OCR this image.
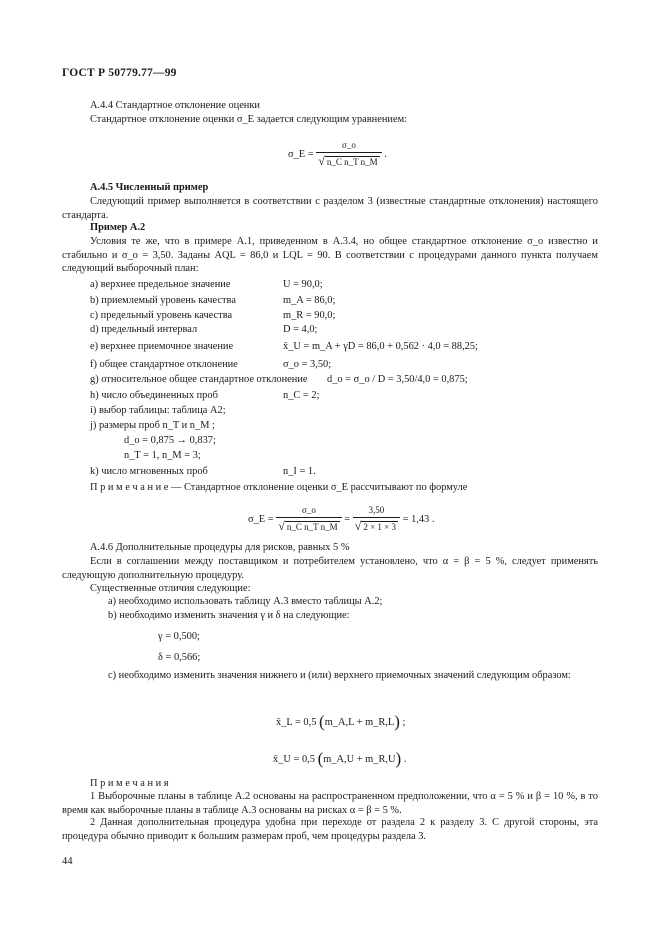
ГОСТ Р 50779.77—99
А.4.4 Стандартное отклонение оценки
Стандартное отклонение оценки σ_E задается следующим уравнением:
σ_E = $\frac{\sigma\_o}{\text{√ n\_C n\_T n\_M}}$ .
А.4.5 Численный пример
Следующий пример выполняется в соответствии с разделом 3 (известные стандартные отклонения) настоящего стандарта.
Пример А.2
Условия те же, что в примере А.1, приведенном в А.3.4, но общее стандартное отклонение σ_o известно и стабильно и σ_o = 3,50. Заданы AQL = 86,0 и LQL = 90. В соответствии с процедурами данного пункта получаем следующий выборочный план:
а) верхнее предельное значение	U = 90,0;
b) приемлемый уровень качества	m_A = 86,0;
с) предельный уровень качества	m_R = 90,0;
d) предельный интервал	D = 4,0;
е) верхнее приемочное значение	x̄_U = m_A + γD = 86,0 + 0,562 · 4,0 = 88,25;
f) общее стандартное отклонение	σ_o = 3,50;
g) относительное общее стандартное отклонение d_o = σ_o / D = 3,50/4,0 = 0,875;
h) число объединенных проб	n_C = 2;
i) выбор таблицы: таблица А2;
j) размеры проб n_T и n_M ;
d_o = 0,875 → 0,837;
n_T = 1, n_M = 3;
k) число мгновенных проб	n_I = 1.
П р и м е ч а н и е — Стандартное отклонение оценки σ_E рассчитывают по формуле
σ_E = $\frac{\sigma\_o}{\text{√ n\_C n\_T n\_M}} = \frac{3,50}{√ 2 \times 1 \times 3} = 1,43$ .
А.4.6 Дополнительные процедуры для рисков, равных 5 %
Если в соглашении между поставщиком и потребителем установлено, что α = β = 5 %, следует применять следующую дополнительную процедуру.
Существенные отличия следующие:
а) необходимо использовать таблицу А.3 вместо таблицы А.2;
b) необходимо изменить значения γ и δ на следующие:
γ = 0,500;
δ = 0,566;
с) необходимо изменить значения нижнего и (или) верхнего приемочных значений следующим образом:
x̄_L = 0,5 (m_A,L + m_R,L) ;
x̄_U = 0,5 (m_A,U + m_R,U) .
П р и м е ч а н и я
1 Выборочные планы в таблице А.2 основаны на распространенном предположении, что α = 5 % и β = 10 %, в то время как выборочные планы в таблице А.3 основаны на рисках α = β = 5 %.
2 Данная дополнительная процедура удобна при переходе от раздела 2 к разделу 3. С другой стороны, эта процедура обычно приводит к большим размерам проб, чем процедуры раздела 3.
44
